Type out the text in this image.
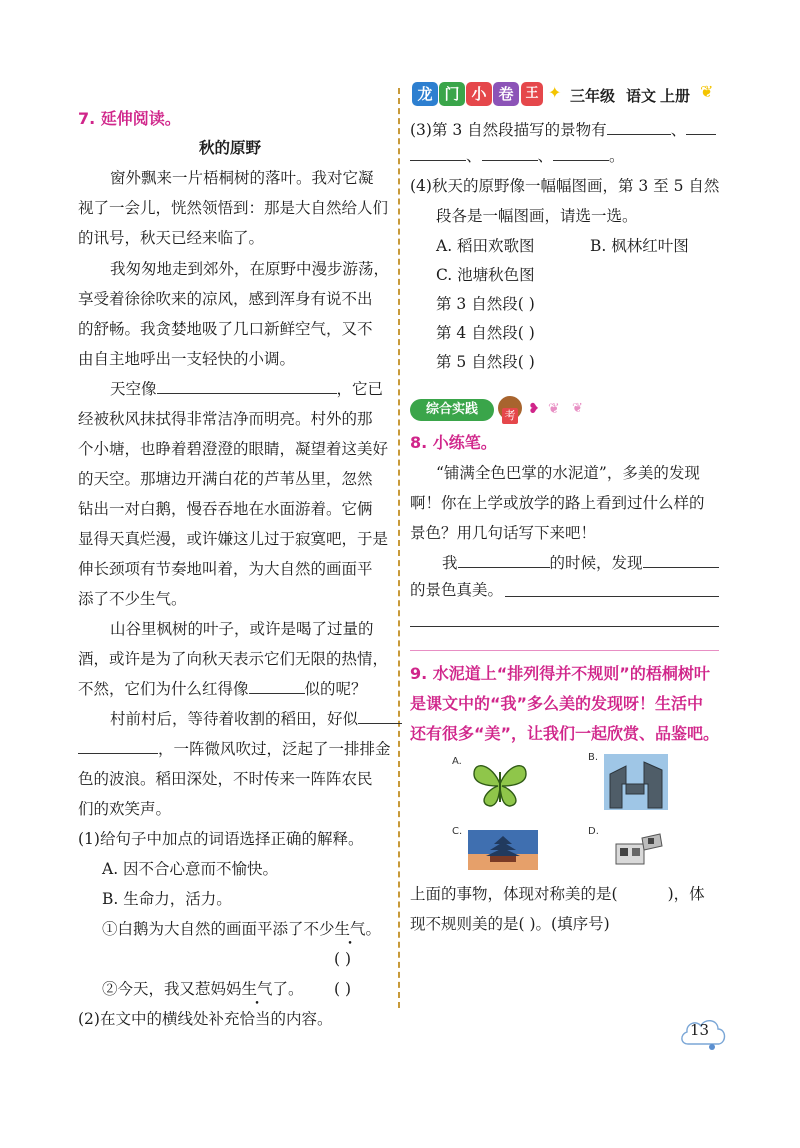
龙 门 小 卷 王 ✦ 三年级 语文 上册 ❦
7. 延伸阅读。
秋的原野
窗外飘来一片梧桐树的落叶。我对它凝
视了一会儿，恍然领悟到：那是大自然给人们
的讯号，秋天已经来临了。
我匆匆地走到郊外，在原野中漫步游荡，
享受着徐徐吹来的凉风，感到浑身有说不出
的舒畅。我贪婪地吸了几口新鲜空气，又不
由自主地呼出一支轻快的小调。
天空像	，它已
经被秋风抹拭得非常洁净而明亮。村外的那
个小塘，也睁着碧澄澄的眼睛，凝望着这美好
的天空。那塘边开满白花的芦苇丛里，忽然
钻出一对白鹅，慢吞吞地在水面游着。它俩
显得天真烂漫，或许嫌这儿过于寂寞吧，于是
伸长颈项有节奏地叫着，为大自然的画面平
添了不少生气。
山谷里枫树的叶子，或许是喝了过量的
酒，或许是为了向秋天表示它们无限的热情，
不然，它们为什么红得像	似的呢？
村前村后，等待着收割的稻田，好似
，一阵微风吹过，泛起了一排排金
色的波浪。稻田深处，不时传来一阵阵农民
们的欢笑声。
(1)给句子中加点的词语选择正确的解释。
A. 因不合心意而不愉快。
B. 生命力，活力。
①白鹅为大自然的画面平添了不少生气。
( )
②今天，我又惹妈妈生气了。 ( )
(2)在文中的横线处补充恰当的内容。
(3)第 3 自然段描写的景物有	、
、	、	。
(4)秋天的原野像一幅幅图画，第 3 至 5 自然
段各是一幅图画，请选一选。
A. 稻田欢歌图	B. 枫林红叶图
C. 池塘秋色图
第 3 自然段( )
第 4 自然段( )
第 5 自然段( )
综合实践	考 ❥ ❦ ❦
8. 小练笔。
“铺满全色巴掌的水泥道”，多美的发现
啊！你在上学或放学的路上看到过什么样的
景色？用几句话写下来吧！
我	的时候，发现
的景色真美。
9. 水泥道上“排列得并不规则”的梧桐树叶
是课文中的“我”多么美的发现呀！生活中
还有很多“美”，让我们一起欣赏、品鉴吧。
A.	B.
C.	D.
上面的事物，体现对称美的是(	)，体
现不规则美的是( )。(填序号)
13
